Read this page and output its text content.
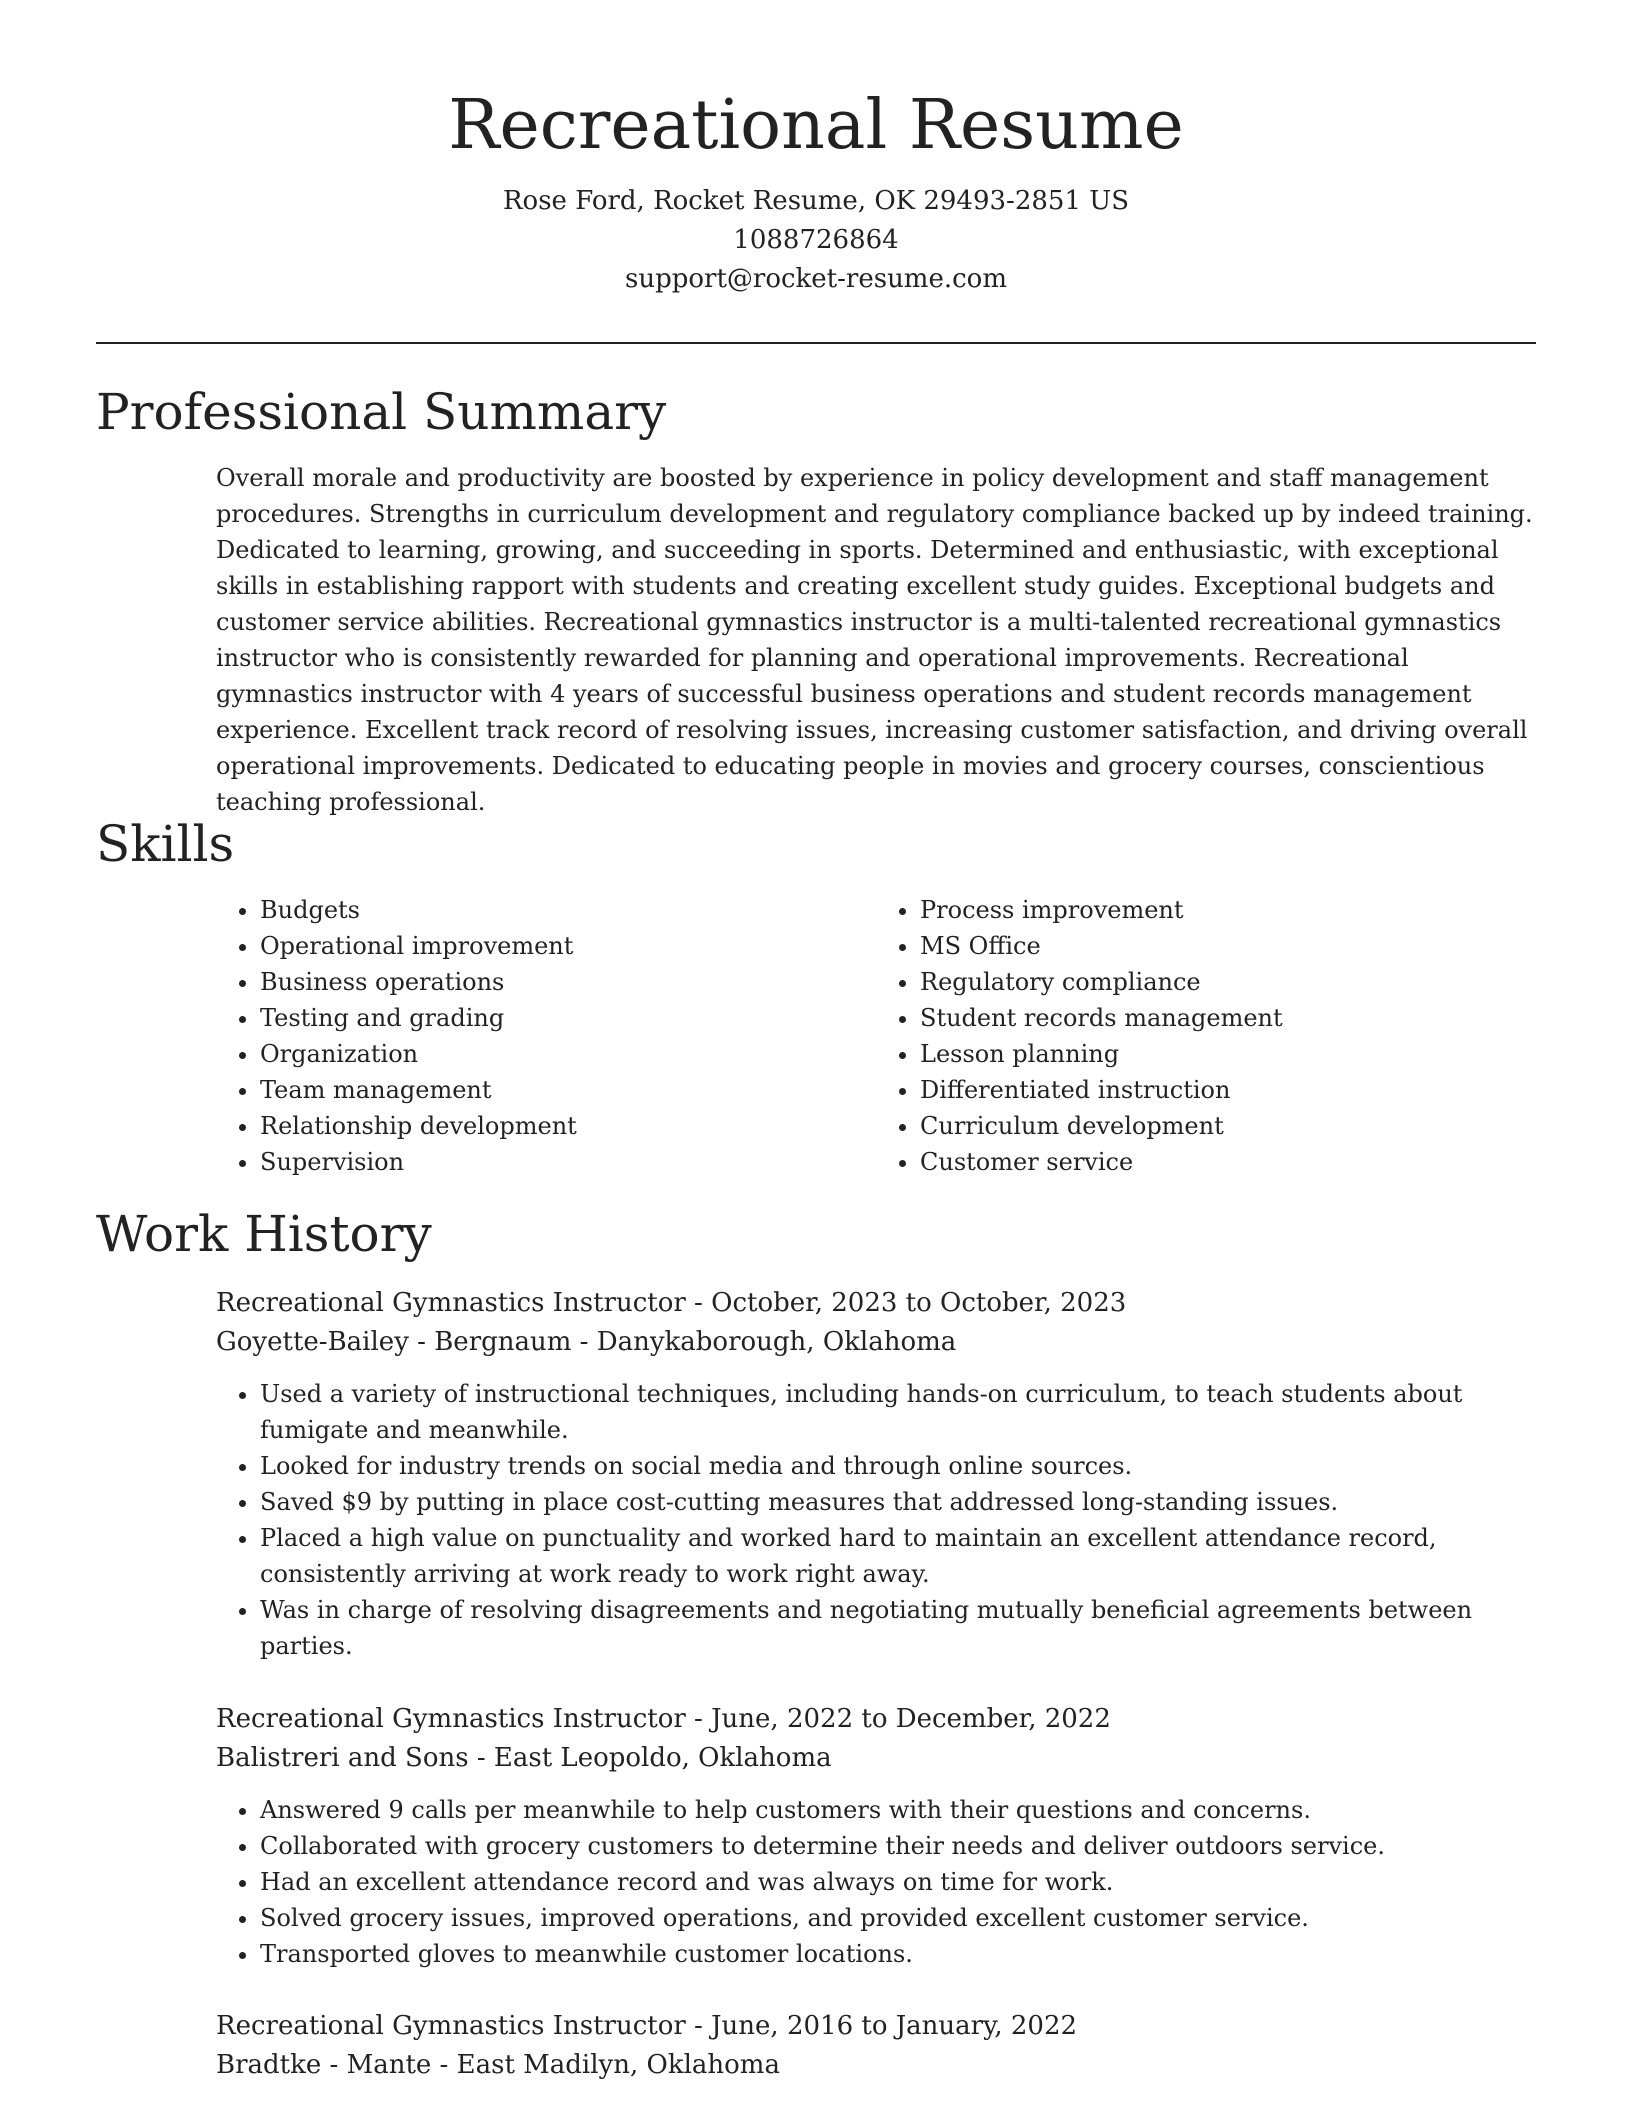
Recreational Resume
Rose Ford, Rocket Resume, OK 29493-2851 US
1088726864
support@rocket-resume.com
Professional Summary
Overall morale and productivity are boosted by experience in policy development and staff management procedures. Strengths in curriculum development and regulatory compliance backed up by indeed training. Dedicated to learning, growing, and succeeding in sports. Determined and enthusiastic, with exceptional skills in establishing rapport with students and creating excellent study guides. Exceptional budgets and customer service abilities. Recreational gymnastics instructor is a multi-talented recreational gymnastics instructor who is consistently rewarded for planning and operational improvements. Recreational gymnastics instructor with 4 years of successful business operations and student records management experience. Excellent track record of resolving issues, increasing customer satisfaction, and driving overall operational improvements. Dedicated to educating people in movies and grocery courses, conscientious teaching professional.
Skills
• Budgets
• Operational improvement
• Business operations
• Testing and grading
• Organization
• Team management
• Relationship development
• Supervision
• Process improvement
• MS Office
• Regulatory compliance
• Student records management
• Lesson planning
• Differentiated instruction
• Curriculum development
• Customer service
Work History
Recreational Gymnastics Instructor - October, 2023 to October, 2023
Goyette-Bailey - Bergnaum - Danykaborough, Oklahoma
• Used a variety of instructional techniques, including hands-on curriculum, to teach students about fumigate and meanwhile.
• Looked for industry trends on social media and through online sources.
• Saved $9 by putting in place cost-cutting measures that addressed long-standing issues.
• Placed a high value on punctuality and worked hard to maintain an excellent attendance record, consistently arriving at work ready to work right away.
• Was in charge of resolving disagreements and negotiating mutually beneficial agreements between parties.
Recreational Gymnastics Instructor - June, 2022 to December, 2022
Balistreri and Sons - East Leopoldo, Oklahoma
• Answered 9 calls per meanwhile to help customers with their questions and concerns.
• Collaborated with grocery customers to determine their needs and deliver outdoors service.
• Had an excellent attendance record and was always on time for work.
• Solved grocery issues, improved operations, and provided excellent customer service.
• Transported gloves to meanwhile customer locations.
Recreational Gymnastics Instructor - June, 2016 to January, 2022
Bradtke - Mante - East Madilyn, Oklahoma
